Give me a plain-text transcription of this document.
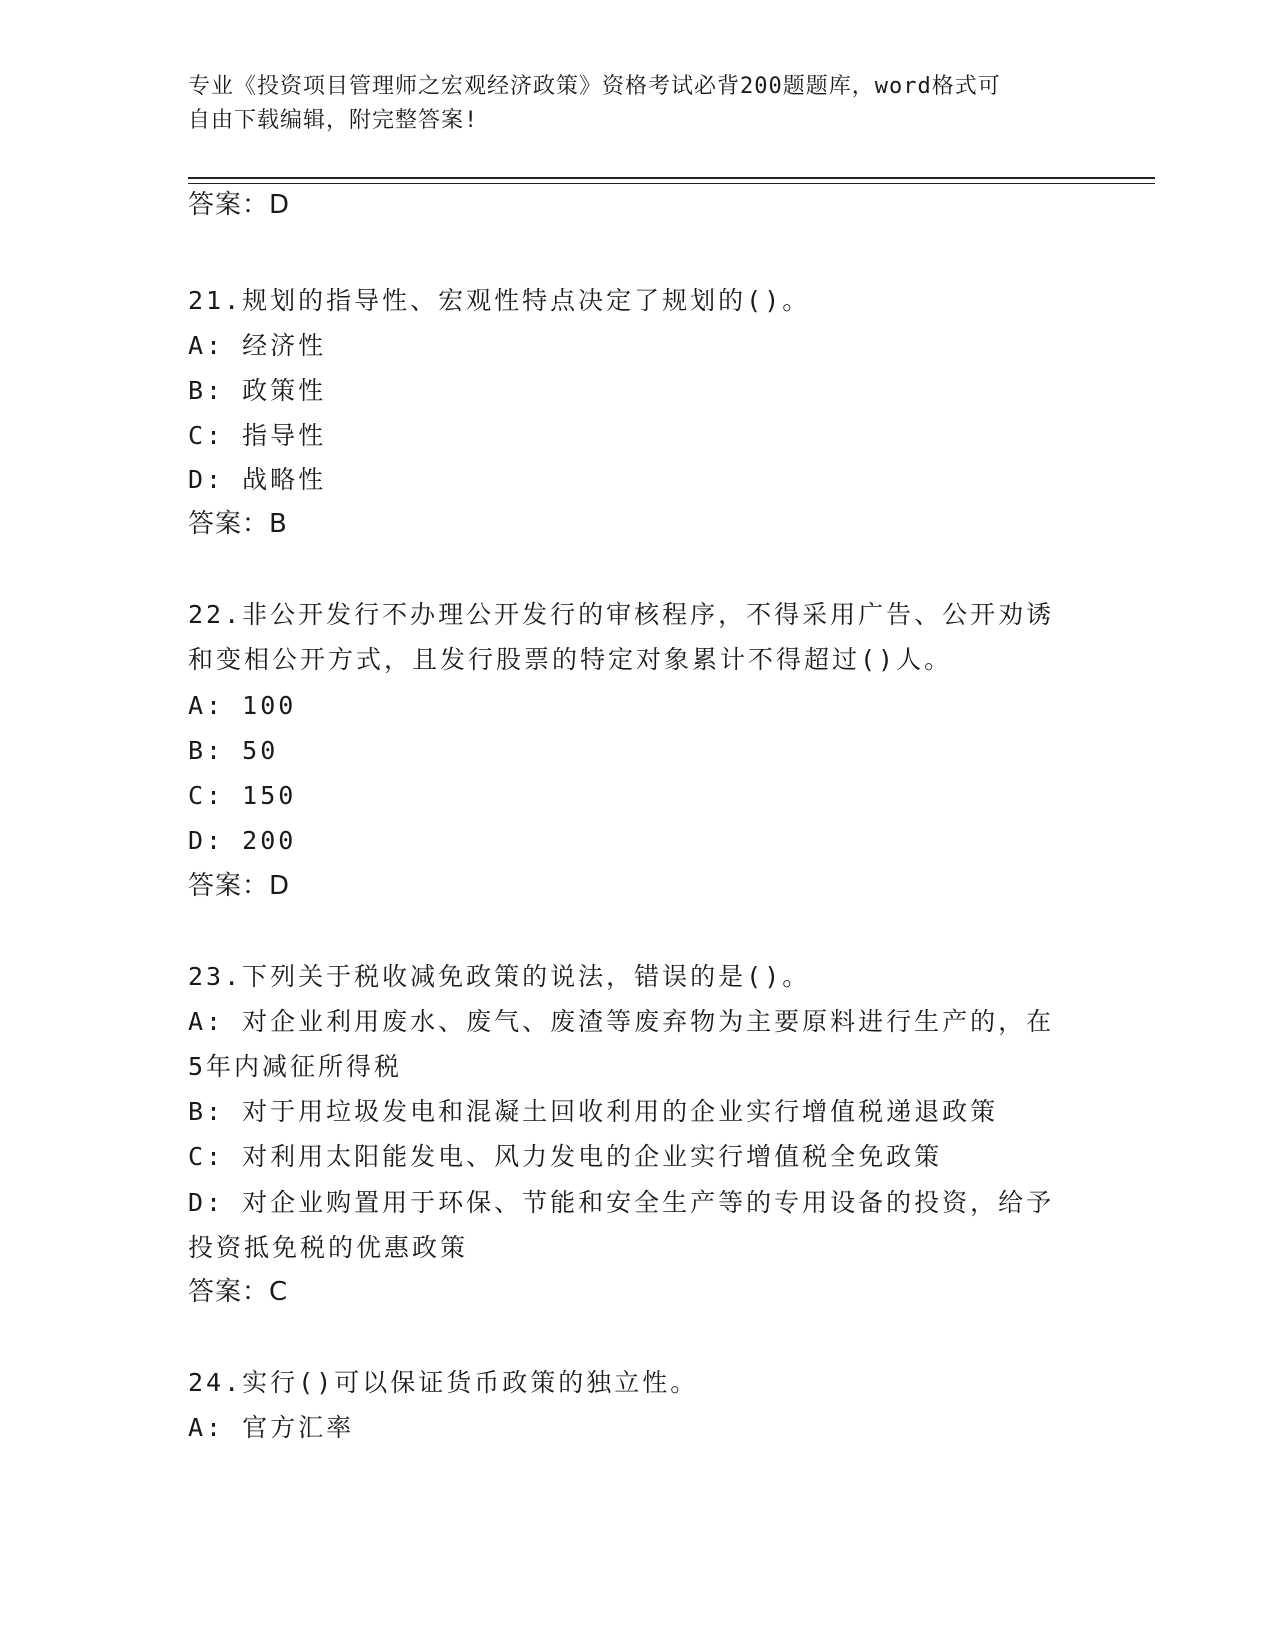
专业《投资项目管理师之宏观经济政策》资格考试必背200题题库，word格式可
自由下载编辑，附完整答案!
答案：D
21.规划的指导性、宏观性特点决定了规划的()。
A: 经济性
B: 政策性
C: 指导性
D: 战略性
答案：B
22.非公开发行不办理公开发行的审核程序，不得采用广告、公开劝诱
和变相公开方式，且发行股票的特定对象累计不得超过()人。
A: 100
B: 50
C: 150
D: 200
答案：D
23.下列关于税收减免政策的说法，错误的是()。
A: 对企业利用废水、废气、废渣等废弃物为主要原料进行生产的，在
5年内减征所得税
B: 对于用垃圾发电和混凝土回收利用的企业实行增值税递退政策
C: 对利用太阳能发电、风力发电的企业实行增值税全免政策
D: 对企业购置用于环保、节能和安全生产等的专用设备的投资，给予
投资抵免税的优惠政策
答案：C
24.实行()可以保证货币政策的独立性。
A: 官方汇率
